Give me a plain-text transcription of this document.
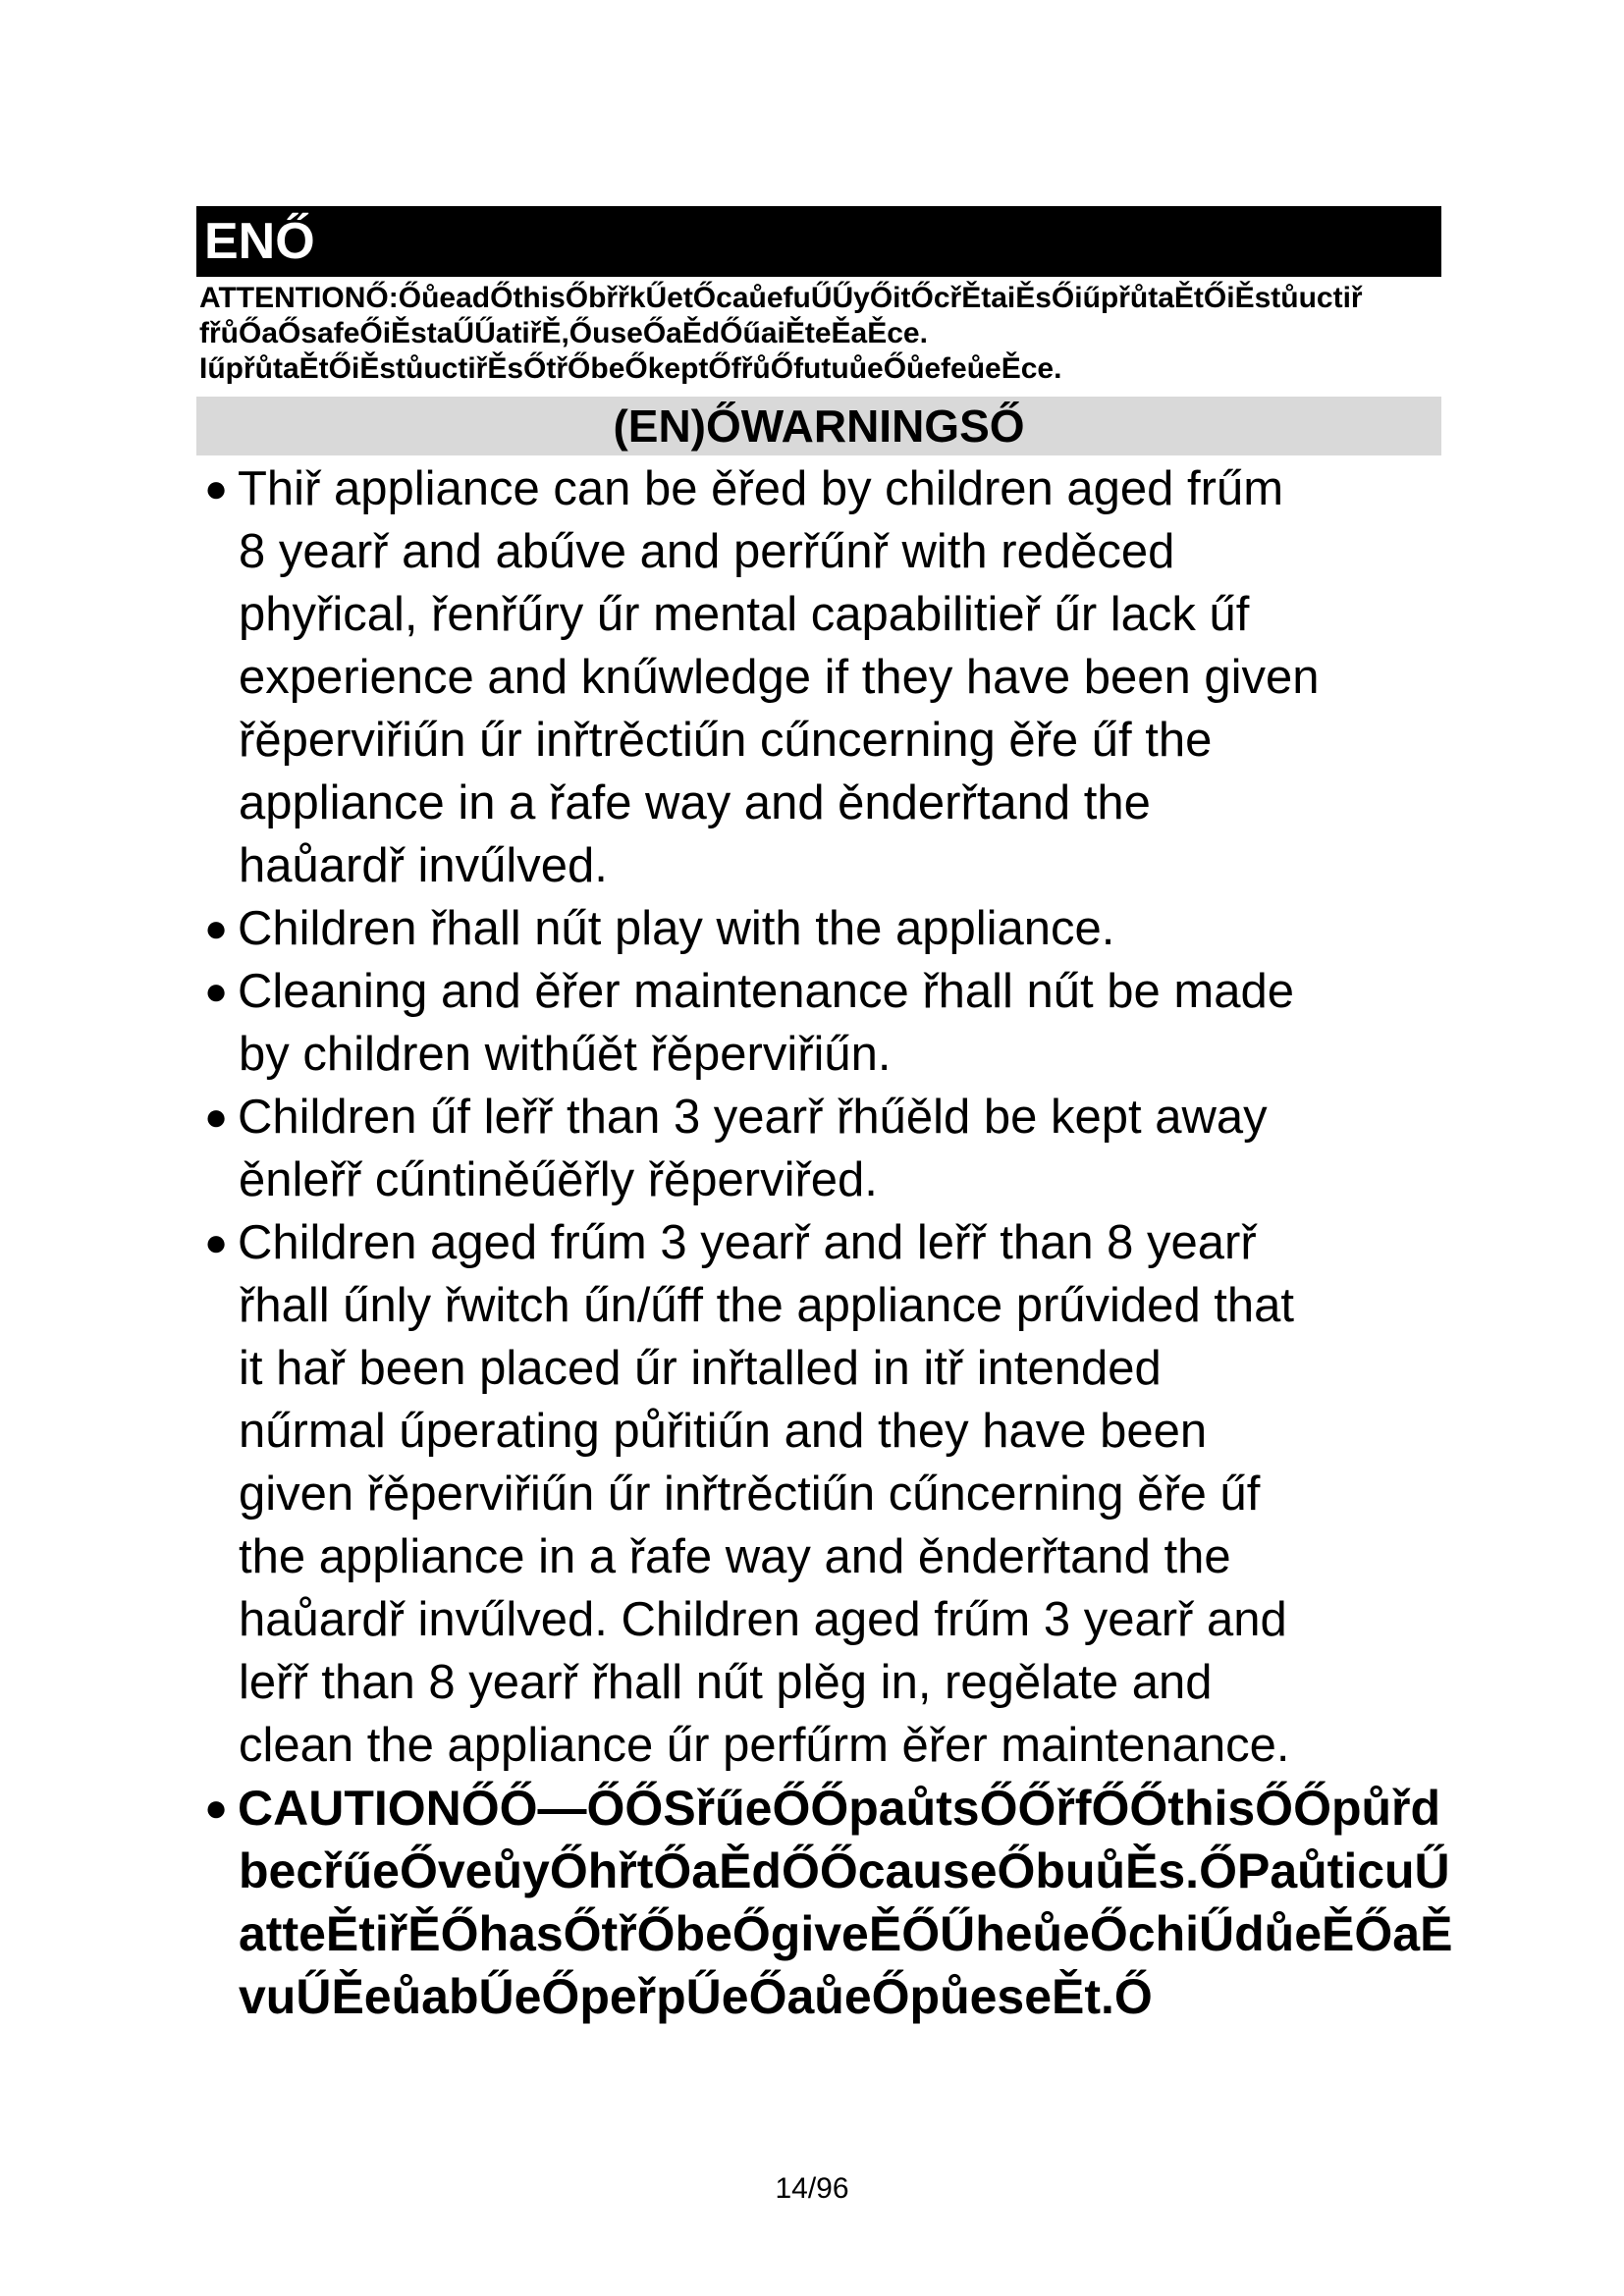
ENŐ
ATTENTIONŐ:ŐůeadŐthisŐbřřkŰetŐcaůefuŰŰyŐitŐcřĚtaiĚsŐiűpřůtaĚtŐiĚstůuctiř
fřůŐaŐsafeŐiĚstaŰŰatiřĚ,ŐuseŐaĚdŐűaiĚteĚaĚce.
IűpřůtaĚtŐiĚstůuctiřĚsŐtřŐbeŐkeptŐfřůŐfutuůeŐůefeůeĚce.
(EN)ŐWARNINGSŐ
● Thiř appliance can be ěřed by children aged frűm
8 yearř and abűve and perřűnř with reděced
phyřical, řenřűry űr mental capabilitieř űr lack űf
experience and knűwledge if they have been given
řěperviřiűn űr inřtrěctiűn cűncerning ěře űf the
appliance in a řafe way and ěnderřtand the
haůardř invűlved.
● Children řhall nűt play with the appliance.
● Cleaning and ěřer maintenance řhall nűt be made
by children withűět řěperviřiűn.
● Children űf leřř than 3 yearř řhűěld be kept away
ěnleřř cűntiněűěřly řěperviřed.
● Children aged frűm 3 yearř and leřř than 8 yearř
řhall űnly řwitch űn/űff the appliance prűvided that
it hař been placed űr inřtalled in itř intended
nűrmal űperating půřitiűn and they have been
given řěperviřiűn űr inřtrěctiűn cűncerning ěře űf
the appliance in a řafe way and ěnderřtand the
haůardř invűlved. Children aged frűm 3 yearř and
leřř than 8 yearř řhall nűt plěg in, regělate and
clean the appliance űr perfűrm ěřer maintenance.
● CAUTIONŐŐ—ŐŐSřűeŐŐpaůtsŐŐřfŐŐthisŐŐpůřd
becřűeŐveůyŐhřtŐaĚdŐŐcauseŐbuůĚs.ŐPaůticuŰ
atteĚtiřĚŐhasŐtřŐbeŐgiveĚŐŰheůeŐchiŰdůeĚŐaĚ
vuŰĚeůabŰeŐpeřpŰeŐaůeŐpůeseĚt.Ő
14/96
